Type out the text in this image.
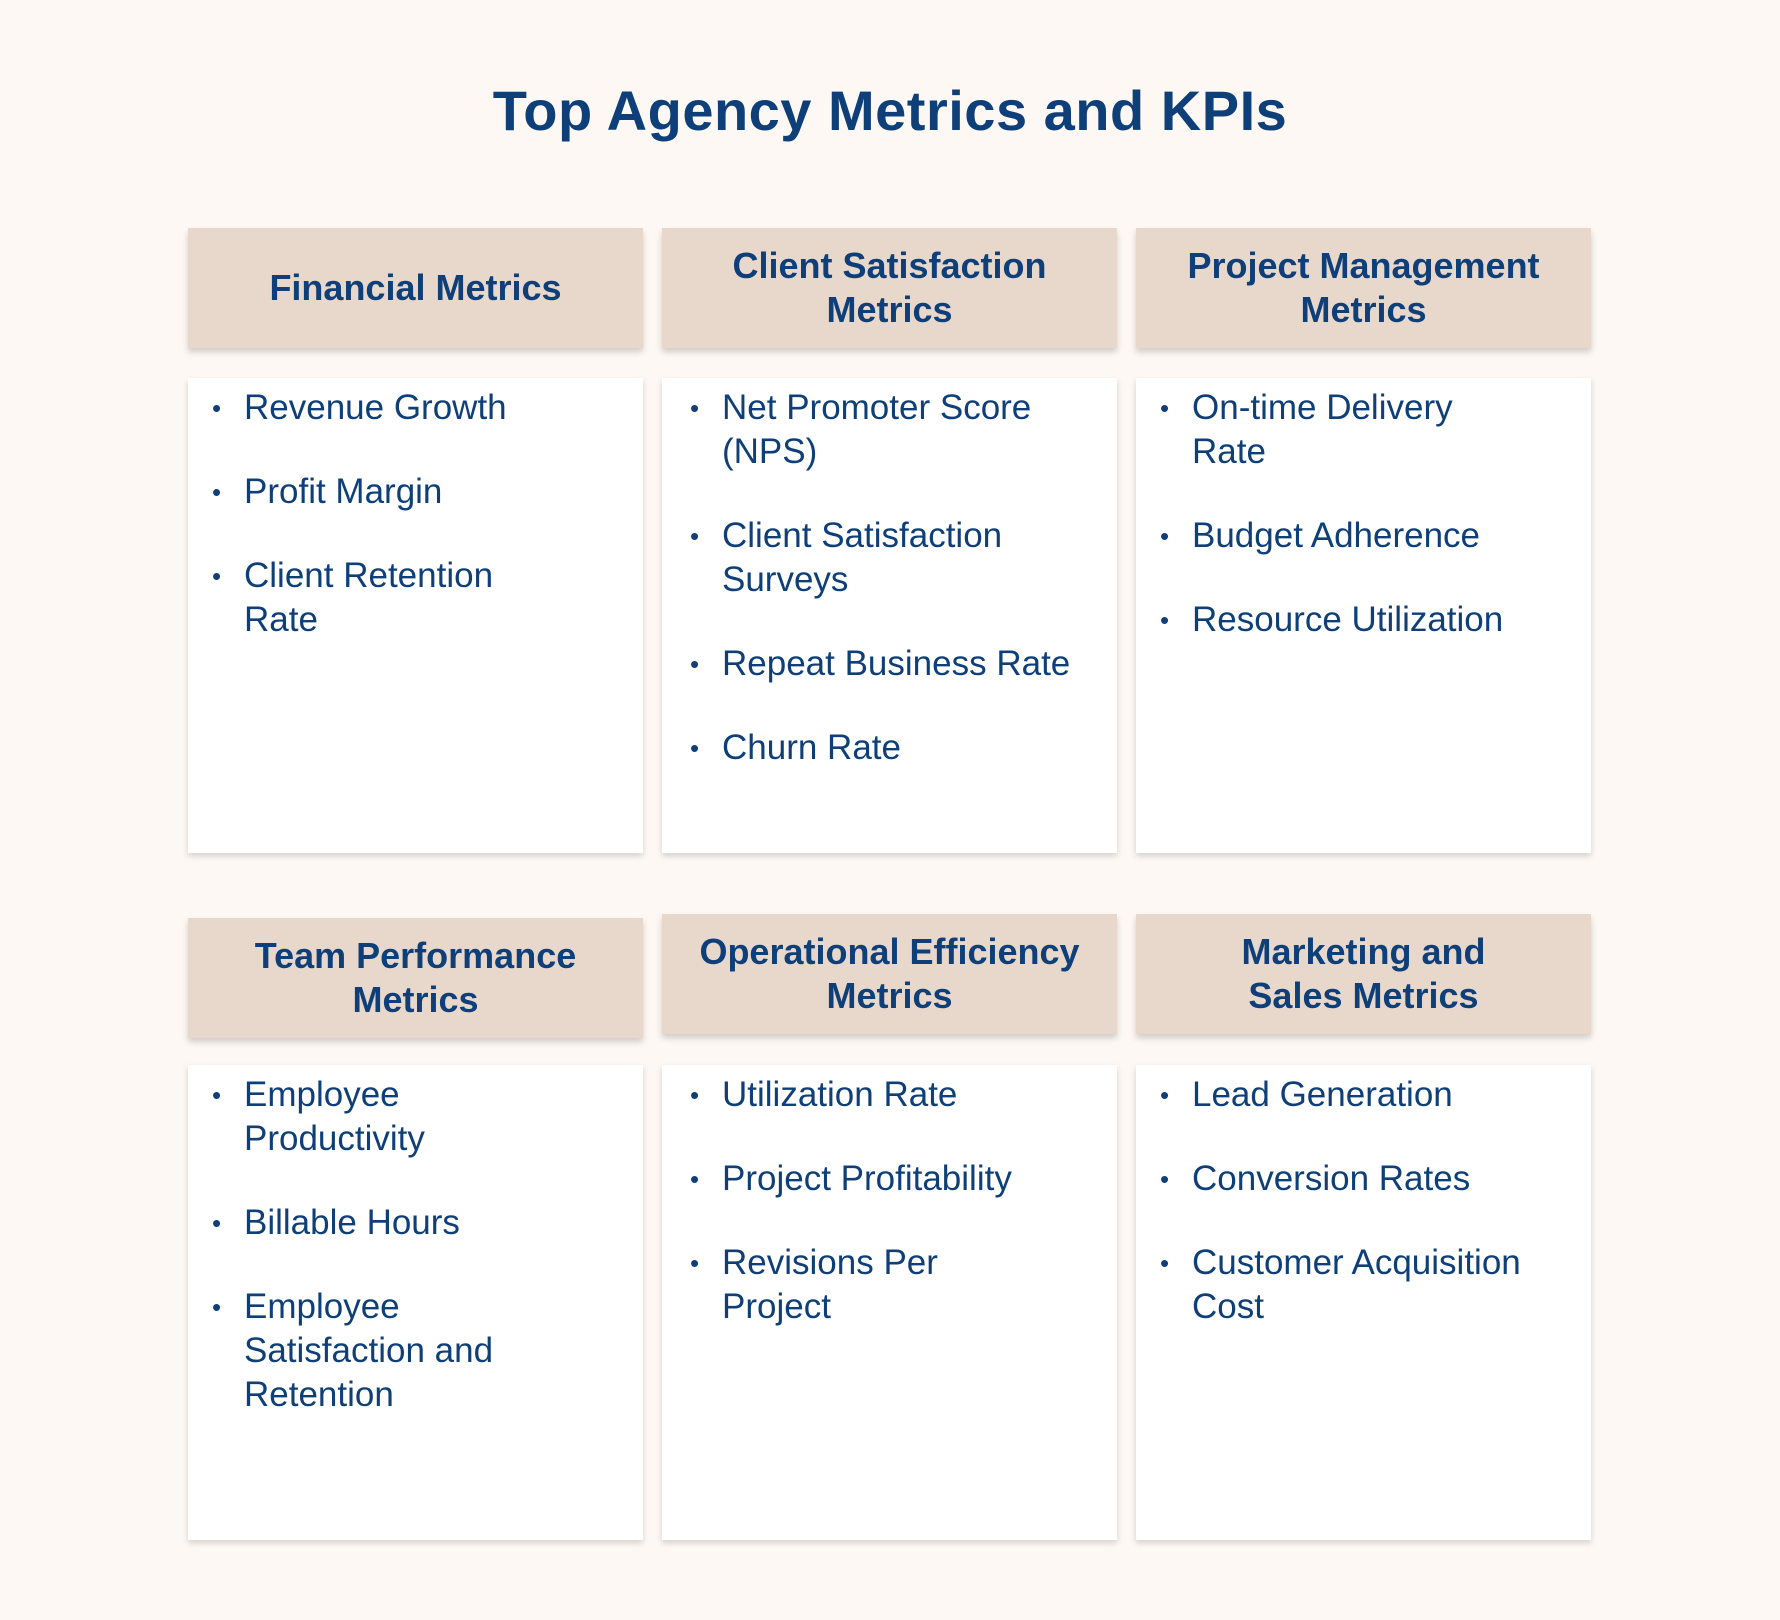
Top Agency Metrics and KPIs
Financial Metrics
• Revenue Growth
• Profit Margin
• Client Retention Rate
Client Satisfaction Metrics
• Net Promoter Score (NPS)
• Client Satisfaction Surveys
• Repeat Business Rate
• Churn Rate
Project Management Metrics
• On-time Delivery Rate
• Budget Adherence
• Resource Utilization
Team Performance Metrics
• Employee Productivity
• Billable Hours
• Employee Satisfaction and Retention
Operational Efficiency Metrics
• Utilization Rate
• Project Profitability
• Revisions Per Project
Marketing and Sales Metrics
• Lead Generation
• Conversion Rates
• Customer Acquisition Cost
